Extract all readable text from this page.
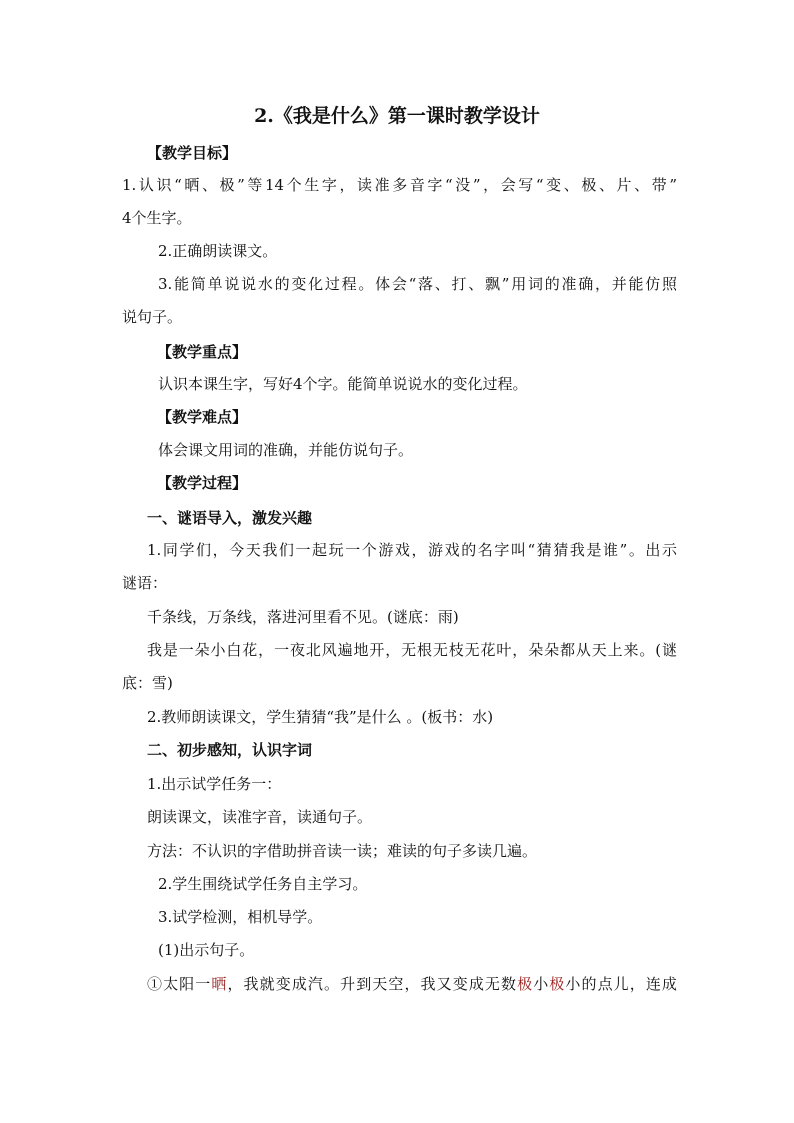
2.《我是什么》第一课时教学设计
【教学目标】
1.认识“晒、极”等14个生字，读准多音字“没”，会写“变、极、片、带”
4个生字。
2.正确朗读课文。
3.能简单说说水的变化过程。体会“落、打、飘”用词的准确，并能仿照
说句子。
【教学重点】
认识本课生字，写好4个字。能简单说说水的变化过程。
【教学难点】
体会课文用词的准确，并能仿说句子。
【教学过程】
一、谜语导入，激发兴趣
1.同学们，今天我们一起玩一个游戏，游戏的名字叫“猜猜我是谁”。出示
谜语：
千条线，万条线，落进河里看不见。(谜底：雨)
我是一朵小白花，一夜北风遍地开，无根无枝无花叶，朵朵都从天上来。(谜
底：雪)
2.教师朗读课文，学生猜猜“我”是什么 。(板书：水)
二、初步感知，认识字词
1.出示试学任务一：
朗读课文，读准字音，读通句子。
方法：不认识的字借助拼音读一读；难读的句子多读几遍。
2.学生围绕试学任务自主学习。
3.试学检测，相机导学。
(1)出示句子。
①太阳一晒，我就变成汽。升到天空，我又变成无数极小极小的点儿，连成
